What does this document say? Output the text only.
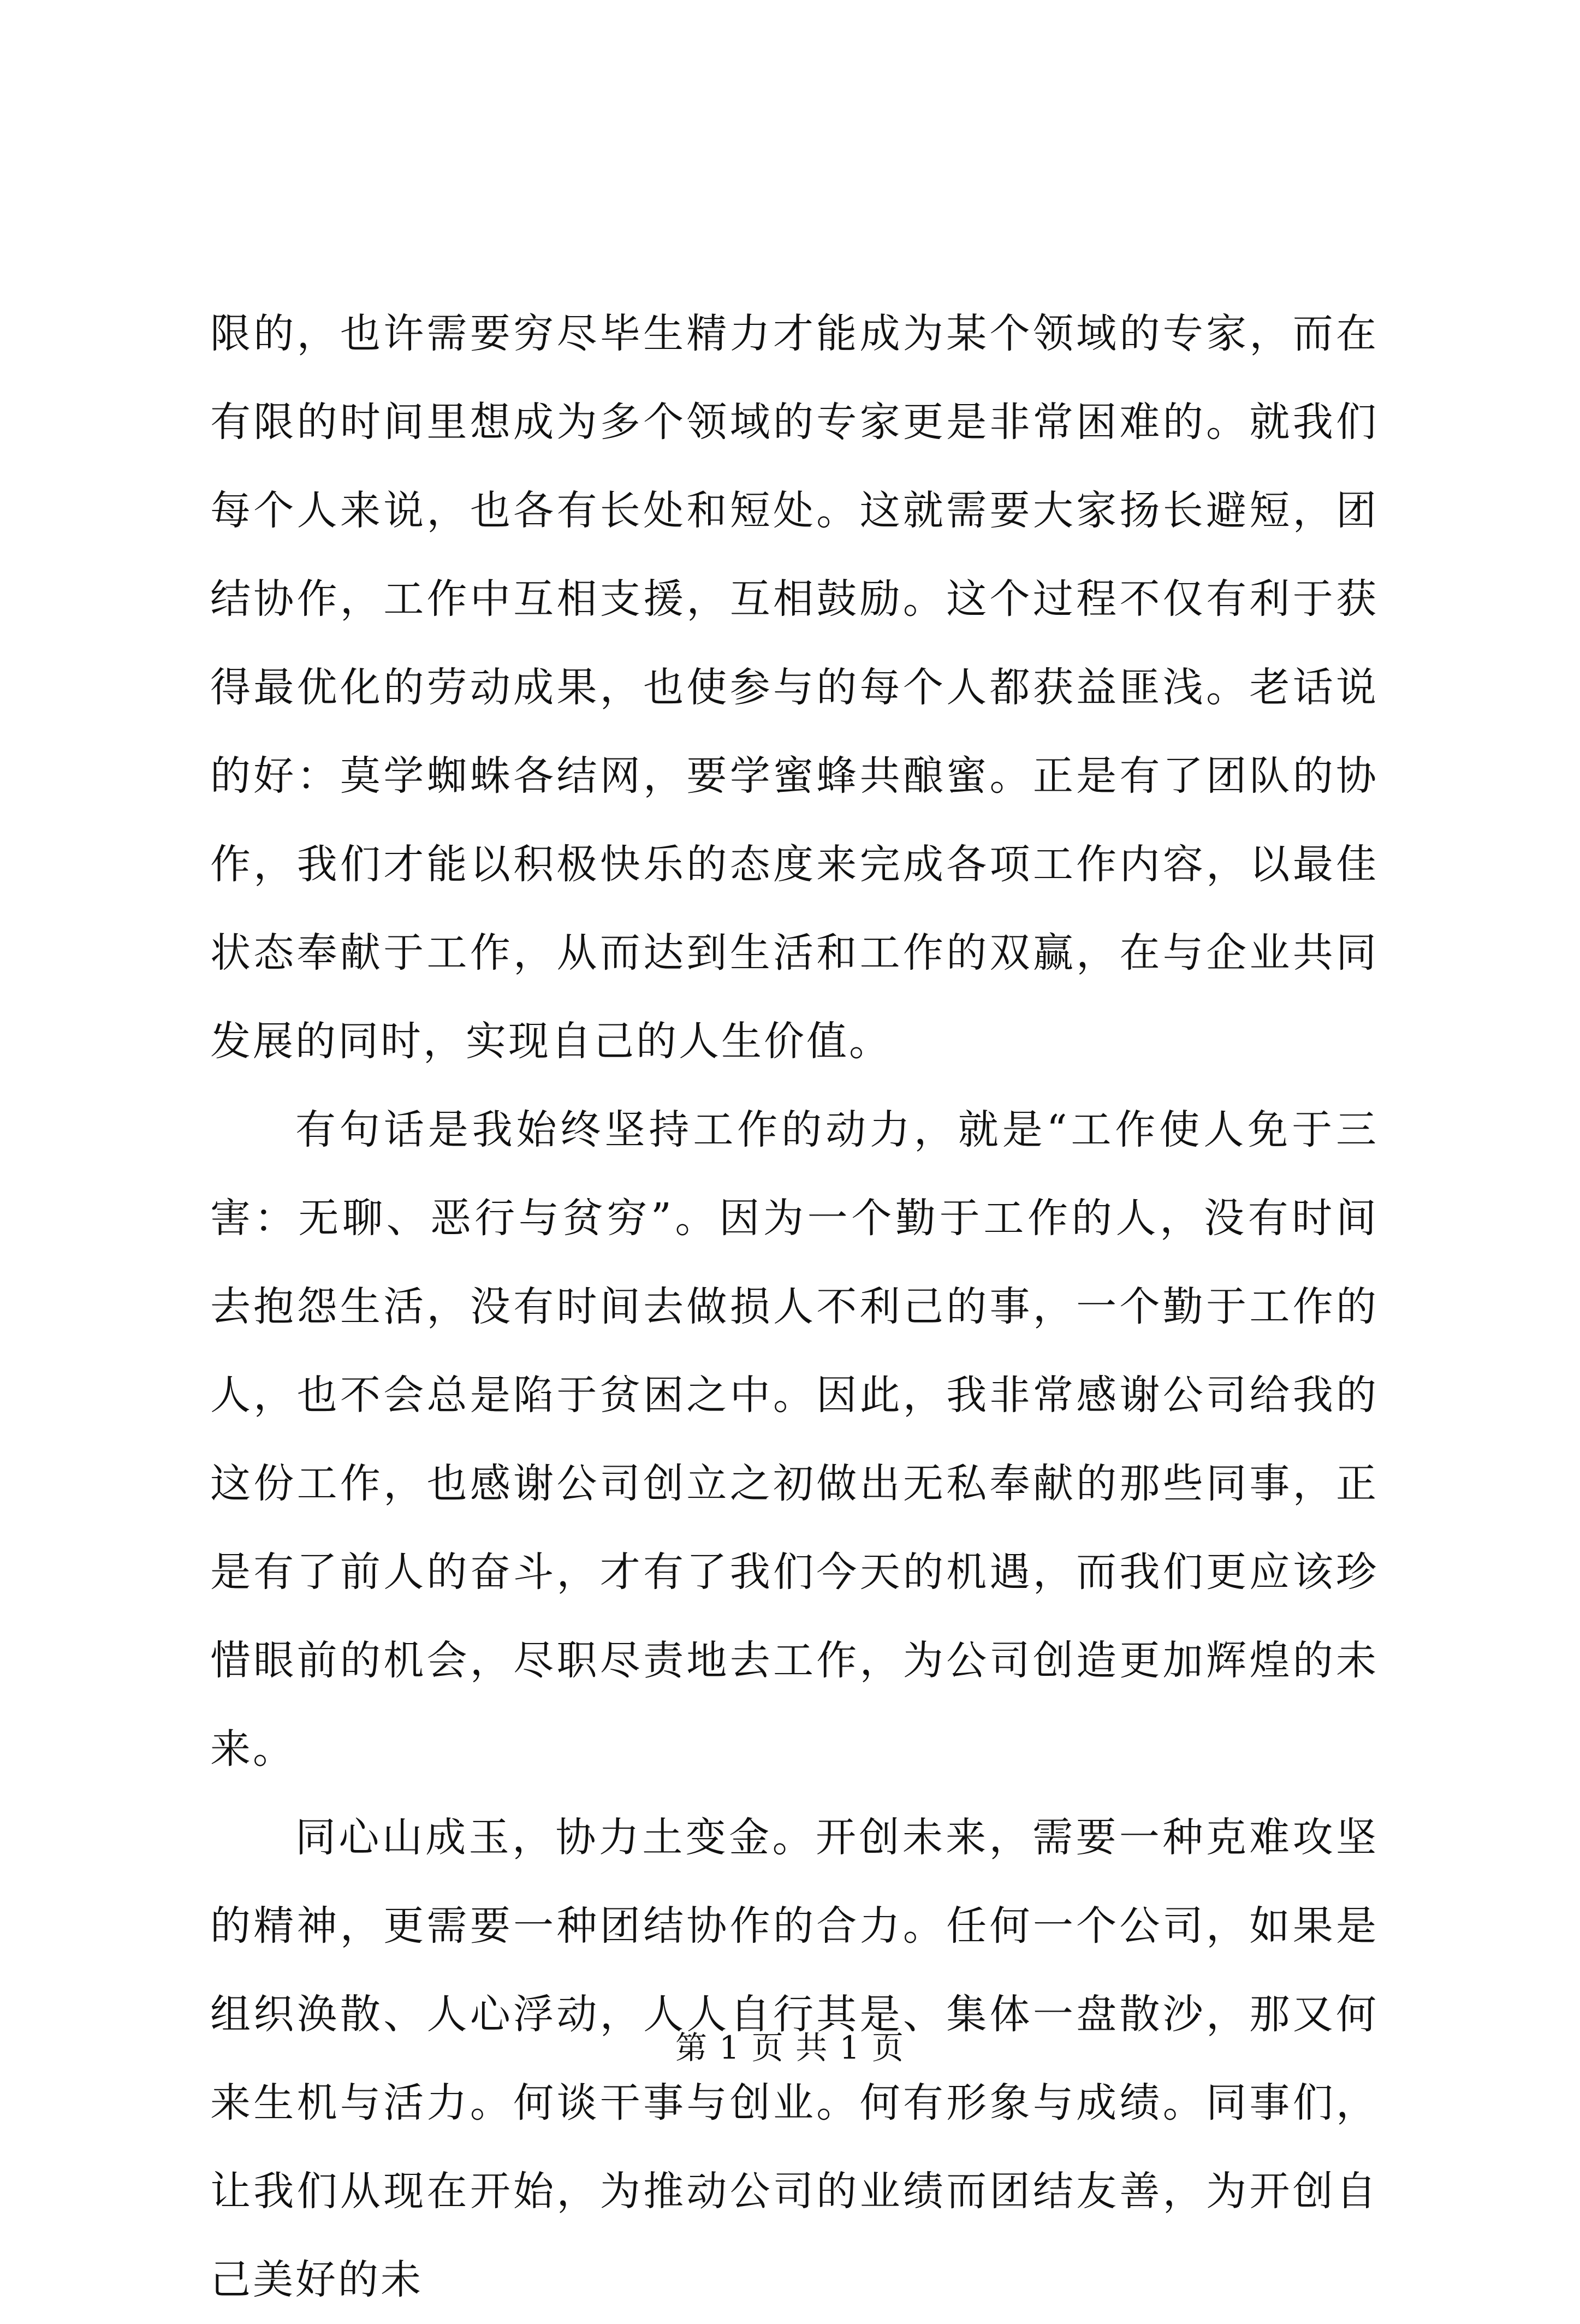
限的，也许需要穷尽毕生精力才能成为某个领域的专家，而在有限的时间里想成为多个领域的专家更是非常困难的。就我们每个人来说，也各有长处和短处。这就需要大家扬长避短，团结协作，工作中互相支援，互相鼓励。这个过程不仅有利于获得最优化的劳动成果，也使参与的每个人都获益匪浅。老话说的好：莫学蜘蛛各结网，要学蜜蜂共酿蜜。正是有了团队的协作，我们才能以积极快乐的态度来完成各项工作内容，以最佳状态奉献于工作，从而达到生活和工作的双赢，在与企业共同发展的同时，实现自己的人生价值。

有句话是我始终坚持工作的动力，就是“工作使人免于三害：无聊、恶行与贫穷”。因为一个勤于工作的人，没有时间去抱怨生活，没有时间去做损人不利己的事，一个勤于工作的人，也不会总是陷于贫困之中。因此，我非常感谢公司给我的这份工作，也感谢公司创立之初做出无私奉献的那些同事，正是有了前人的奋斗，才有了我们今天的机遇，而我们更应该珍惜眼前的机会，尽职尽责地去工作，为公司创造更加辉煌的未来。

同心山成玉，协力土变金。开创未来，需要一种克难攻坚的精神，更需要一种团结协作的合力。任何一个公司，如果是组织涣散、人心浮动，人人自行其是、集体一盘散沙，那又何来生机与活力。何谈干事与创业。何有形象与成绩。同事们，让我们从现在开始，为推动公司的业绩而团结友善，为开创自己美好的未

第 1 页 共 1 页
